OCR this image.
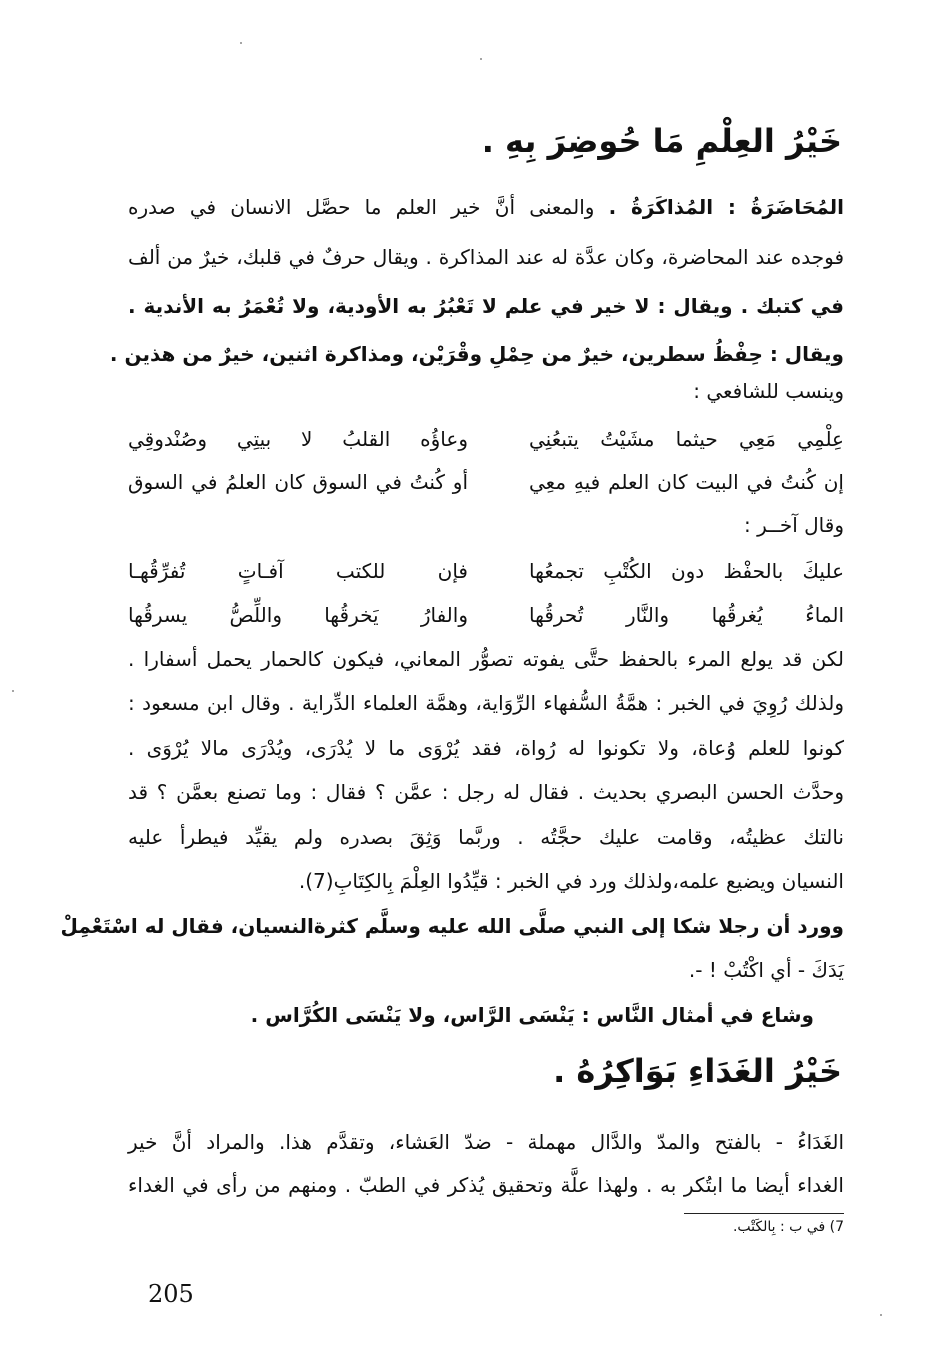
خَيْرُ العِلْمِ مَا حُوضِرَ بِهِ .
المُحَاضَرَةُ : المُذاكَرَةُ . والمعنى أنَّ خير العلم ما حصَّل الانسان في صدره
فوجده عند المحاضرة، وكان عدَّة له عند المذاكرة . ويقال حرفٌ في قلبك، خيرٌ من ألف
في كتبك . ويقال : لا خير في علم لا تَعْبُرُ به الأودية، ولا تُعْمَرُ به الأندية .
ويقال : حِفْظُ سطرين، خيرٌ من حِمْلِ وقْرَيْن، ومذاكرة اثنين، خيرٌ من هذين .
وينسب للشافعي :
عِلْمِي مَعِي حيثما مشَيْتُ يتبعُنِي
وعاؤُه القلبُ لا بيتِي وصُنْدوقِي
إن كُنتُ في البيت كان العلم فيهِ معِي
أو كُنتُ في السوق كان العلمُ في السوق
وقال آخــر :
عليكَ بالحفْظ دون الكُتْبِ تجمعُها
فإن للكتب آفـاتٍ تُفرِّقُهـا
الماءُ يُغرقُها والنَّار تُحرقُها
والفارُ يَخرقُها واللِّصُّ يسرقُها
لكن قد يولع المرء بالحفظ حتَّى يفوته تصوُّر المعاني، فيكون كالحمار يحمل أسفارا .
ولذلك رُوِيَ في الخبر : همَّةُ السُّفهاء الرِّوَاية، وهمَّة العلماء الدِّراية . وقال ابن مسعود :
كونوا للعلم وُعاة، ولا تكونوا له رُواة، فقد يُرْوَى ما لا يُدْرَى، ويُدْرَى مالا يُرْوَى .
وحدَّث الحسن البصري بحديث . فقال له رجل : عمَّن ؟ فقال : وما تصنع بعمَّن ؟ قد
نالتك عظيتُه، وقامت عليك حجَّتُه . وربَّما وَثِقَ بصدره ولم يقيِّد فيطرأ عليه
النسيان ويضيع علمه،ولذلك ورد في الخبر : قيِّدُوا العِلْمَ بِالكِتَابِ(7).
وورد أن رجلا شكا إلى النبي صلَّى الله عليه وسلَّم كثرةالنسيان، فقال له اسْتَعْمِلْ
يَدَكَ - أي اكْتُبْ ! -.
وشاع في أمثال النَّاس : يَنْسَى الرَّاس، ولا يَنْسَى الكُرَّاس .
خَيْرُ الغَدَاءِ بَوَاكِرُهُ .
الغَدَاءُ - بالفتح والمدّ والدَّال مهملة - ضدّ العَشاء، وتقدَّم هذا. والمراد أنَّ خير
الغداء أيضا ما ابتُكر به . ولهذا علَّة وتحقيق يُذكر في الطبّ . ومنهم من رأى في الغداء
7) في ب : بِالكَتْب.
205
